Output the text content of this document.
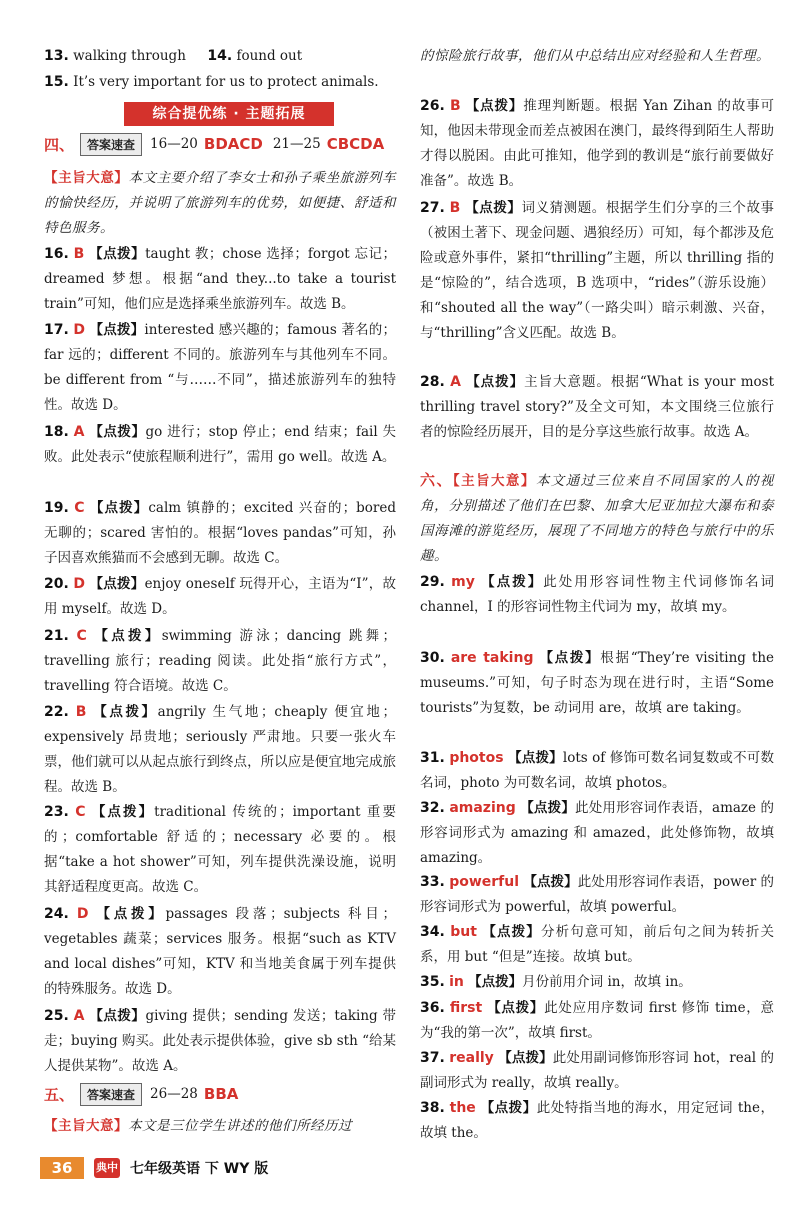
13. walking through 14. found out
15. It’s very important for us to protect animals.
综合提优练 · 主题拓展
四、	答案速查	16—20 BDACD 21—25 CBCDA
【主旨大意】本文主要介绍了李女士和孙子乘坐旅游列车的愉快经历，并说明了旅游列车的优势，如便捷、舒适和特色服务。
16. B 【点拨】taught 教；chose 选择；forgot 忘记；dreamed 梦想。根据“and they...to take a tourist train”可知，他们应是选择乘坐旅游列车。故选 B。
17. D 【点拨】interested 感兴趣的；famous 著名的；far 远的；different 不同的。旅游列车与其他列车不同。be different from “与……不同”，描述旅游列车的独特性。故选 D。
18. A 【点拨】go 进行；stop 停止；end 结束；fail 失败。此处表示“使旅程顺利进行”，需用 go well。故选 A。
19. C 【点拨】calm 镇静的；excited 兴奋的；bored 无聊的；scared 害怕的。根据“loves pandas”可知，孙子因喜欢熊猫而不会感到无聊。故选 C。
20. D 【点拨】enjoy oneself 玩得开心，主语为“I”，故用 myself。故选 D。
21. C 【点拨】swimming 游泳；dancing 跳舞；travelling 旅行；reading 阅读。此处指“旅行方式”，travelling 符合语境。故选 C。
22. B 【点拨】angrily 生气地；cheaply 便宜地；expensively 昂贵地；seriously 严肃地。只要一张火车票，他们就可以从起点旅行到终点，所以应是便宜地完成旅程。故选 B。
23. C 【点拨】traditional 传统的；important 重要的；comfortable 舒适的；necessary 必要的。根据“take a hot shower”可知，列车提供洗澡设施，说明其舒适程度更高。故选 C。
24. D 【点拨】passages 段落；subjects 科目；vegetables 蔬菜；services 服务。根据“such as KTV and local dishes”可知，KTV 和当地美食属于列车提供的特殊服务。故选 D。
25. A 【点拨】giving 提供；sending 发送；taking 带走；buying 购买。此处表示提供体验，give sb sth “给某人提供某物”。故选 A。
五、	答案速查	26—28 BBA
【主旨大意】本文是三位学生讲述的他们所经历过
的惊险旅行故事，他们从中总结出应对经验和人生哲理。
26. B 【点拨】推理判断题。根据 Yan Zihan 的故事可知，他因未带现金而差点被困在澳门，最终得到陌生人帮助才得以脱困。由此可推知，他学到的教训是“旅行前要做好准备”。故选 B。
27. B 【点拨】词义猜测题。根据学生们分享的三个故事（被困土著下、现金问题、遇狼经历）可知，每个都涉及危险或意外事件，紧扣“thrilling”主题，所以 thrilling 指的是“惊险的”，结合选项，B 选项中，“rides”（游乐设施）和“shouted all the way”（一路尖叫）暗示刺激、兴奋，与“thrilling”含义匹配。故选 B。
28. A 【点拨】主旨大意题。根据“What is your most thrilling travel story?”及全文可知，本文围绕三位旅行者的惊险经历展开，目的是分享这些旅行故事。故选 A。
六、【主旨大意】本文通过三位来自不同国家的人的视角，分别描述了他们在巴黎、加拿大尼亚加拉大瀑布和泰国海滩的游览经历，展现了不同地方的特色与旅行中的乐趣。
29. my 【点拨】此处用形容词性物主代词修饰名词 channel，I 的形容词性物主代词为 my，故填 my。
30. are taking 【点拨】根据“They’re visiting the museums.”可知，句子时态为现在进行时，主语“Some tourists”为复数，be 动词用 are，故填 are taking。
31. photos 【点拨】lots of 修饰可数名词复数或不可数名词，photo 为可数名词，故填 photos。
32. amazing 【点拨】此处用形容词作表语，amaze 的形容词形式为 amazing 和 amazed，此处修饰物，故填 amazing。
33. powerful 【点拨】此处用形容词作表语，power 的形容词形式为 powerful，故填 powerful。
34. but 【点拨】分析句意可知，前后句之间为转折关系，用 but “但是”连接。故填 but。
35. in 【点拨】月份前用介词 in，故填 in。
36. first 【点拨】此处应用序数词 first 修饰 time，意为“我的第一次”，故填 first。
37. really 【点拨】此处用副词修饰形容词 hot，real 的副词形式为 really，故填 really。
38. the 【点拨】此处特指当地的海水，用定冠词 the，故填 the。
36	典中 七年级英语 下 WY 版
